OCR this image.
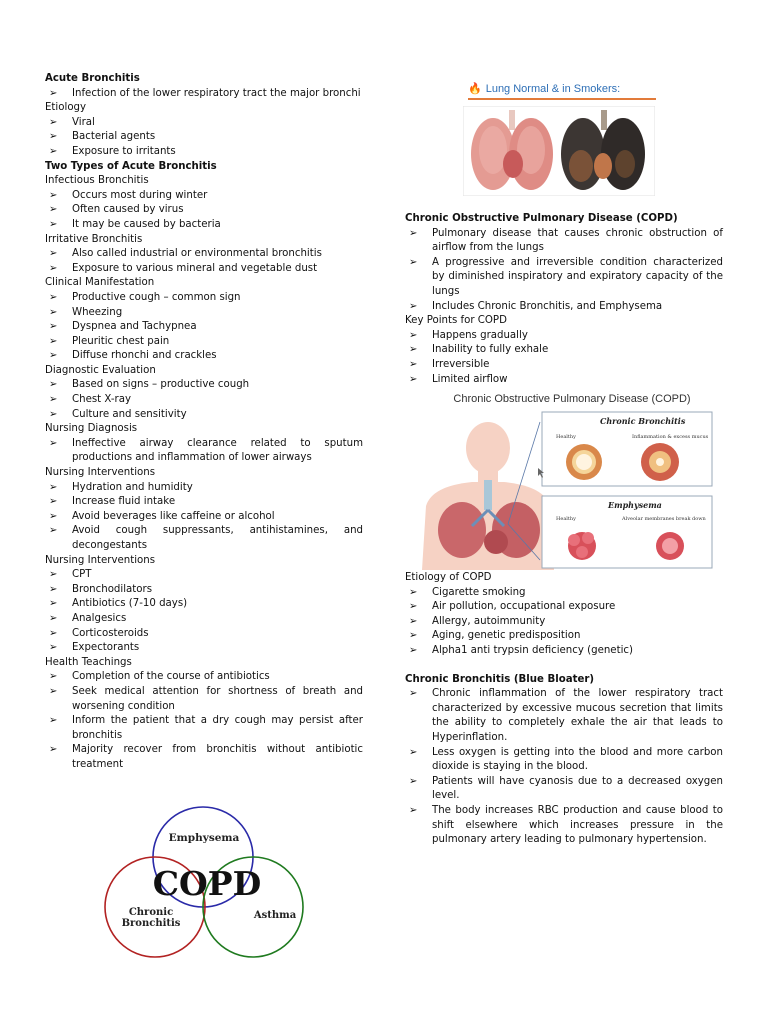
Acute Bronchitis
➢ Infection of the lower respiratory tract the major bronchi
Etiology
➢ Viral
➢ Bacterial agents
➢ Exposure to irritants
Two Types of Acute Bronchitis
Infectious Bronchitis
➢ Occurs most during winter
➢ Often caused by virus
➢ It may be caused by bacteria
Irritative Bronchitis
➢ Also called industrial or environmental bronchitis
➢ Exposure to various mineral and vegetable dust
Clinical Manifestation
➢ Productive cough – common sign
➢ Wheezing
➢ Dyspnea and Tachypnea
➢ Pleuritic chest pain
➢ Diffuse rhonchi and crackles
Diagnostic Evaluation
➢ Based on signs – productive cough
➢ Chest X-ray
➢ Culture and sensitivity
Nursing Diagnosis
➢ Ineffective airway clearance related to sputum productions and inflammation of lower airways
Nursing Interventions
➢ Hydration and humidity
➢ Increase fluid intake
➢ Avoid beverages like caffeine or alcohol
➢ Avoid cough suppressants, antihistamines, and decongestants
Nursing Interventions
➢ CPT
➢ Bronchodilators
➢ Antibiotics (7-10 days)
➢ Analgesics
➢ Corticosteroids
➢ Expectorants
Health Teachings
➢ Completion of the course of antibiotics
➢ Seek medical attention for shortness of breath and worsening condition
➢ Inform the patient that a dry cough may persist after bronchitis
➢ Majority recover from bronchitis without antibiotic treatment
🔥 Lung Normal & in Smokers:
Chronic Obstructive Pulmonary Disease (COPD)
➢ Pulmonary disease that causes chronic obstruction of airflow from the lungs
➢ A progressive and irreversible condition characterized by diminished inspiratory and expiratory capacity of the lungs
➢ Includes Chronic Bronchitis, and Emphysema
Key Points for COPD
➢ Happens gradually
➢ Inability to fully exhale
➢ Irreversible
➢ Limited airflow
Chronic Obstructive Pulmonary Disease (COPD)
Chronic Bronchitis
Healthy	Inflammation & excess mucus
Emphysema
Healthy	Alveolar membranes break down
Etiology of COPD
➢ Cigarette smoking
➢ Air pollution, occupational exposure
➢ Allergy, autoimmunity
➢ Aging, genetic predisposition
➢ Alpha1 anti trypsin deficiency (genetic)
Chronic Bronchitis (Blue Bloater)
➢ Chronic inflammation of the lower respiratory tract characterized by excessive mucous secretion that limits the ability to completely exhale the air that leads to Hyperinflation.
➢ Less oxygen is getting into the blood and more carbon dioxide is staying in the blood.
➢ Patients will have cyanosis due to a decreased oxygen level.
➢ The body increases RBC production and cause blood to shift elsewhere which increases pressure in the pulmonary artery leading to pulmonary hypertension.
Emphysema
COPD
Chronic
Bronchitis
Asthma
